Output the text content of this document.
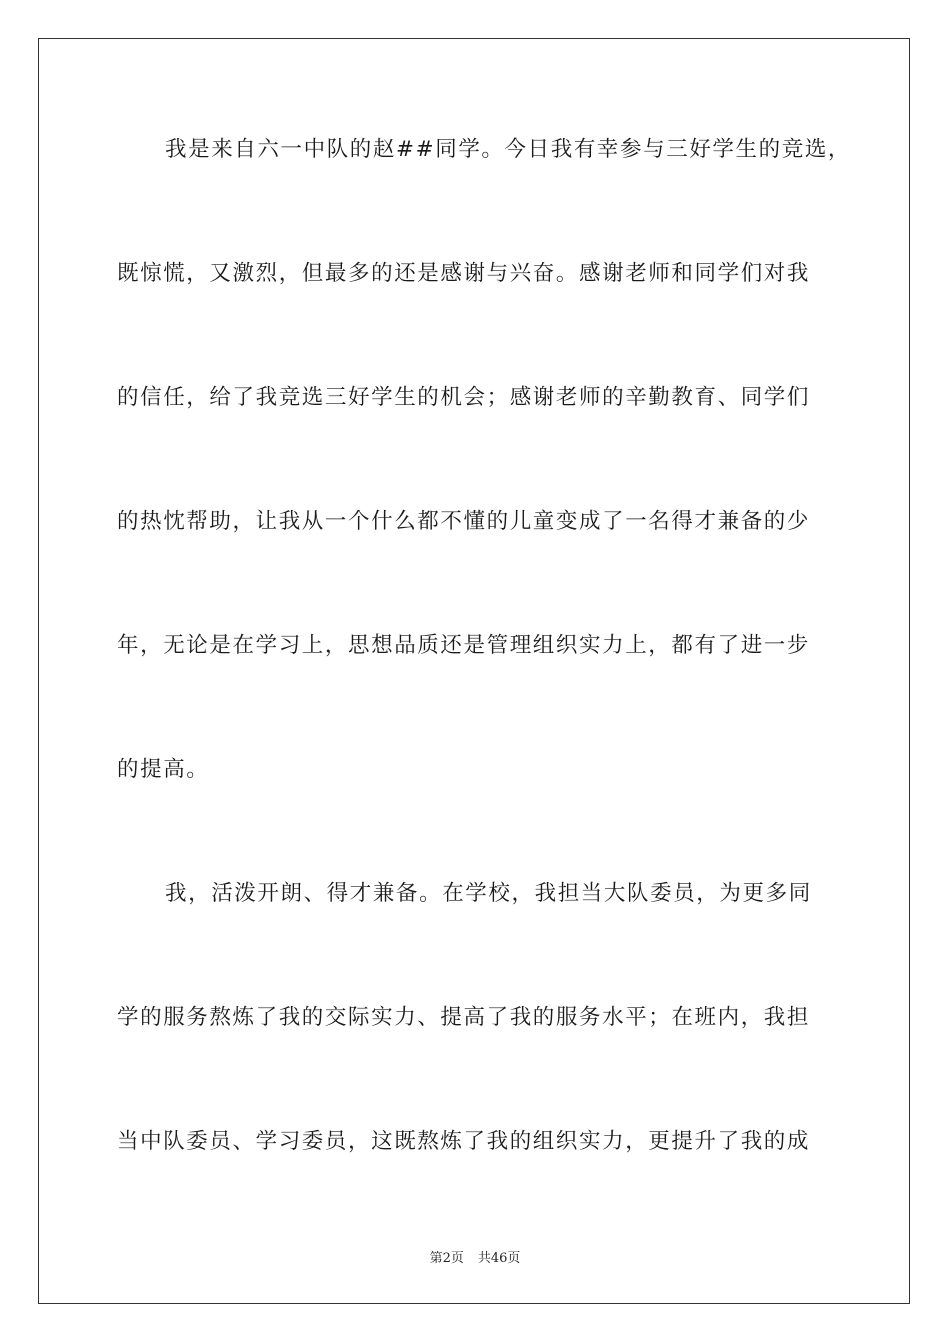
我是来自六一中队的赵##同学。今日我有幸参与三好学生的竞选，
既惊慌，又激烈，但最多的还是感谢与兴奋。感谢老师和同学们对我
的信任，给了我竞选三好学生的机会；感谢老师的辛勤教育、同学们
的热忱帮助，让我从一个什么都不懂的儿童变成了一名得才兼备的少
年，无论是在学习上，思想品质还是管理组织实力上，都有了进一步
的提高。
我，活泼开朗、得才兼备。在学校，我担当大队委员，为更多同
学的服务熬炼了我的交际实力、提高了我的服务水平；在班内，我担
当中队委员、学习委员，这既熬炼了我的组织实力，更提升了我的成
第2页 共46页
